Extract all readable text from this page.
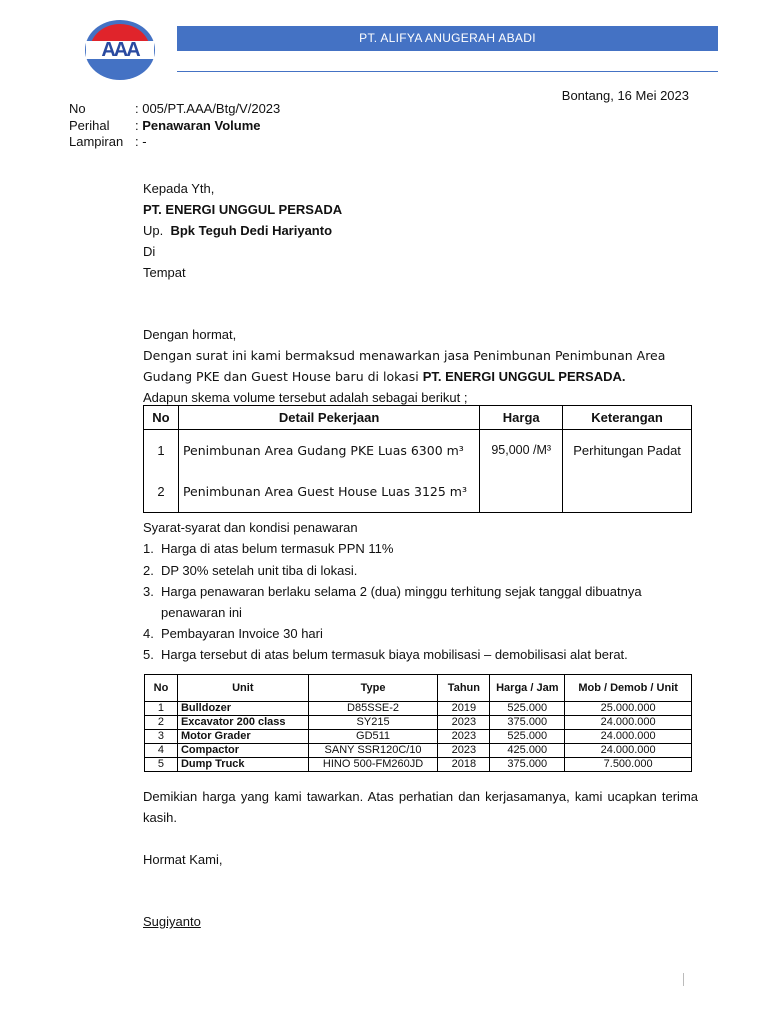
AAA
PT. ALIFYA ANUGERAH ABADI
Bontang, 16 Mei 2023
No	: 005/PT.AAA/Btg/V/2023
Perihal : Penawaran Volume
Lampiran : -
Kepada Yth,
PT. ENERGI UNGGUL PERSADA
Up. Bpk Teguh Dedi Hariyanto
Di
Tempat
Dengan hormat,
Dengan surat ini kami bermaksud menawarkan jasa Penimbunan Penimbunan Area Gudang PKE dan Guest House baru di lokasi PT. ENERGI UNGGUL PERSADA.
Adapun skema volume tersebut adalah sebagai berikut ;
No	Detail Pekerjaan	Harga	Keterangan
1	Penimbunan Area Gudang PKE Luas 6300 m³	95,000 /M³	Perhitungan Padat
2	Penimbunan Area Guest House Luas 3125 m³		
Syarat-syarat dan kondisi penawaran
1. Harga di atas belum termasuk PPN 11%
2. DP 30% setelah unit tiba di lokasi.
3. Harga penawaran berlaku selama 2 (dua) minggu terhitung sejak tanggal dibuatnya
penawaran ini
4. Pembayaran Invoice 30 hari
5. Harga tersebut di atas belum termasuk biaya mobilisasi – demobilisasi alat berat.
No	Unit	Type	Tahun	Harga / Jam	Mob / Demob / Unit
1	Bulldozer	D85SSE-2	2019	525.000	25.000.000
2	Excavator 200 class	SY215	2023	375.000	24.000.000
3	Motor Grader	GD511	2023	525.000	24.000.000
4	Compactor	SANY SSR120C/10	2023	425.000	24.000.000
5	Dump Truck	HINO 500-FM260JD	2018	375.000	7.500.000
Demikian harga yang kami tawarkan. Atas perhatian dan kerjasamanya, kami ucapkan terima kasih.
Hormat Kami,
Sugiyanto
